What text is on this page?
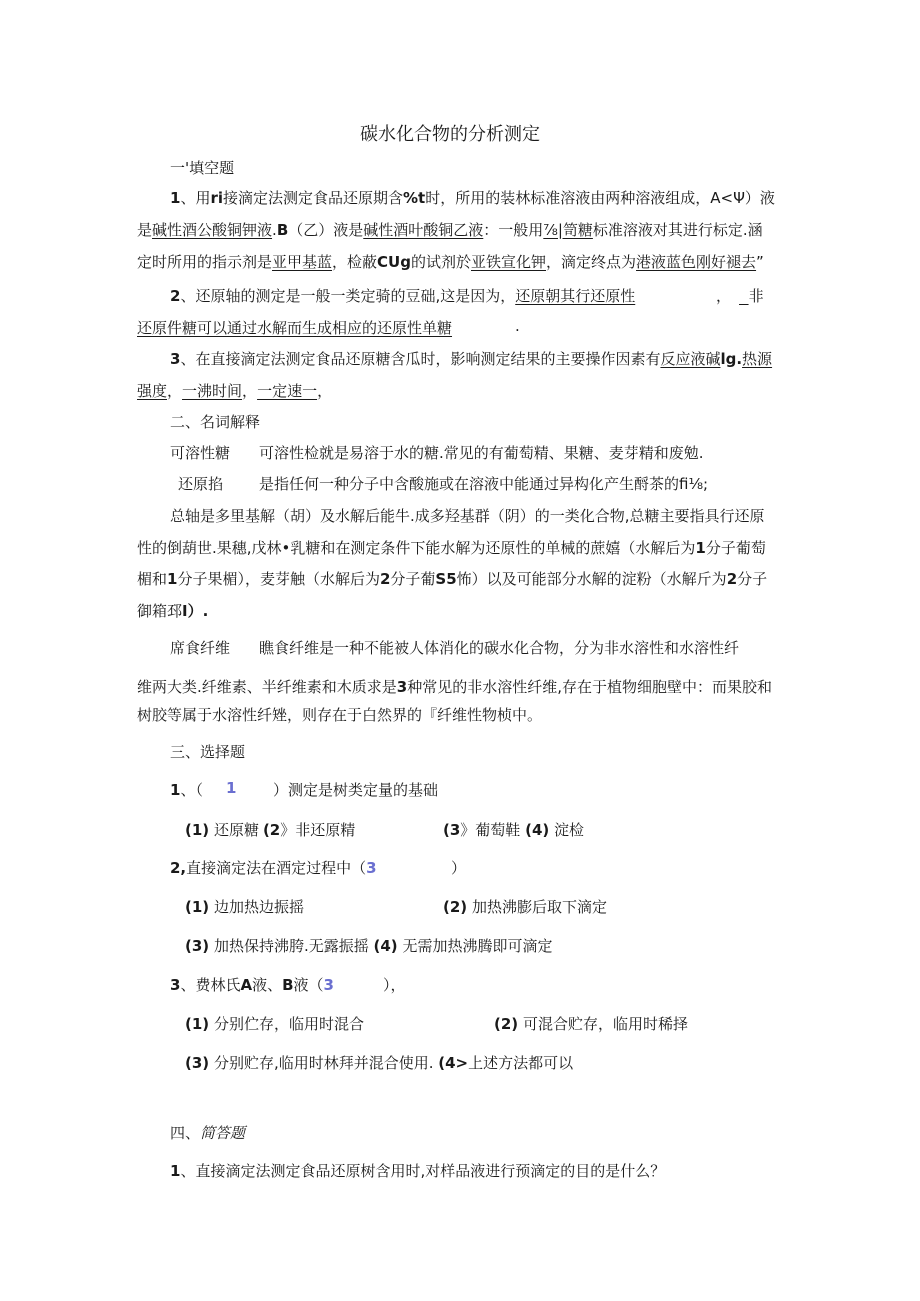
碳水化合物的分析测定
一'填空题
1、用ri接滴定法测定食品还原期含%t时，所用的装林标准溶液由两种溶液组成，A<Ψ）液
是碱性酒公酸铜钾液.B（乙）液是碱性酒叶酸铜乙液：一般用⅞|笥糖标准溶液对其进行标定.涵
定时所用的指示剂是亚甲基蓝，检蔽CUg的试剂於亚铁宣化钾，滴定终点为港液蓝色刚好褪去”
2、还原轴的测定是一般一类定骑的豆础,这是因为，还原朝其行还原性	， 非
还原件糖可以通过水解而生成相应的还原性单糖	.
3、在直接滴定法测定食品还原糖含瓜时，影响测定结果的主要操作因素有反应液碱lg.热源
强度，一沸时间，一定速一，
二、名词解释
可溶性糖 可溶性检就是易溶于水的糖.常见的有葡萄精、果糖、麦芽精和废勉.
还原掐 是指任何一种分子中含酸施或在溶液中能通过异构化产生酹茶的fi⅛;
总轴是多里基解（胡）及水解后能牛.成多羟基群（阴）的一类化合物,总糖主要指具行还原
性的倒葫世.果穗,戊林•乳糖和在测定条件下能水解为还原性的单械的蔗嬉（水解后为1分子葡萄
楣和1分子果楣），麦芽触（水解后为2分子葡S5怖）以及可能部分水解的淀粉（水解斤为2分子
御箱邳I）.
席食纤维 瞧食纤维是一种不能被人体消化的碳水化合物，分为非水溶性和水溶性纤
维两大类.纤维素、半纤维素和木质求是3种常见的非水溶性纤维,存在于植物细胞壁中：而果胶和
树胶等属于水溶性纤矬，则存在于白然界的『纤维性物桢中。
三、选择题
1、（ 1 ）测定是树类定量的基础
(1) 还原糖 (2》非还原精	(3》葡萄鞋 (4) 淀检
2,直接滴定法在酒定过程中（3	）
(1) 边加热边振摇	(2) 加热沸膨后取下滴定
(3) 加热保持沸胯.无露振摇 (4) 无需加热沸腾即可滴定
3、费林氏A液、B液（3	），
(1) 分别伫存，临用时混合	(2) 可混合贮存，临用时稀择
(3) 分别贮存,临用时林拜并混合使用. (4>上述方法都可以
四、简答题
1、直接滴定法测定食品还原树含用时,对样品液进行预滴定的目的是什么？
